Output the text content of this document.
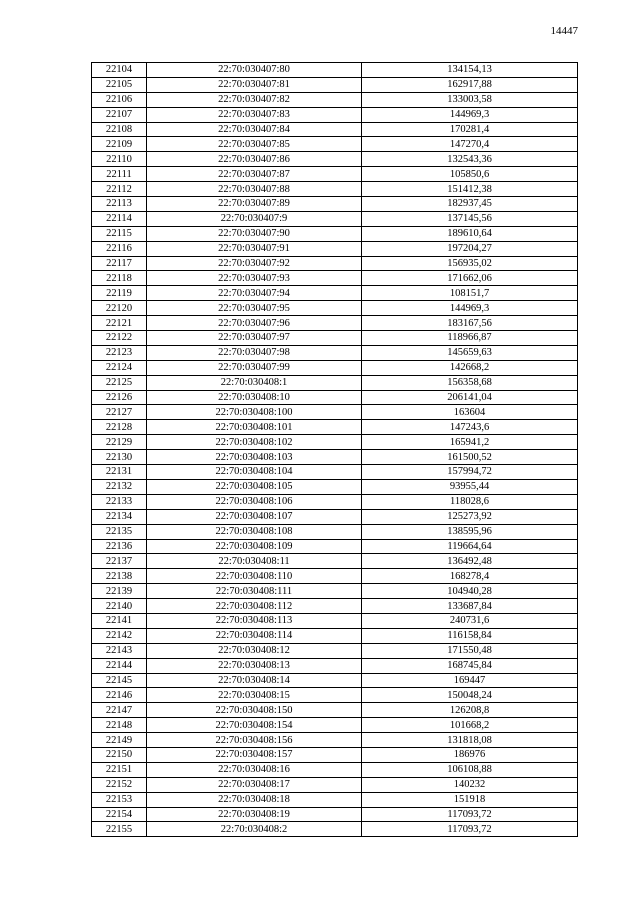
14447
22104	22:70:030407:80	134154,13
22105	22:70:030407:81	162917,88
22106	22:70:030407:82	133003,58
22107	22:70:030407:83	144969,3
22108	22:70:030407:84	170281,4
22109	22:70:030407:85	147270,4
22110	22:70:030407:86	132543,36
22111	22:70:030407:87	105850,6
22112	22:70:030407:88	151412,38
22113	22:70:030407:89	182937,45
22114	22:70:030407:9	137145,56
22115	22:70:030407:90	189610,64
22116	22:70:030407:91	197204,27
22117	22:70:030407:92	156935,02
22118	22:70:030407:93	171662,06
22119	22:70:030407:94	108151,7
22120	22:70:030407:95	144969,3
22121	22:70:030407:96	183167,56
22122	22:70:030407:97	118966,87
22123	22:70:030407:98	145659,63
22124	22:70:030407:99	142668,2
22125	22:70:030408:1	156358,68
22126	22:70:030408:10	206141,04
22127	22:70:030408:100	163604
22128	22:70:030408:101	147243,6
22129	22:70:030408:102	165941,2
22130	22:70:030408:103	161500,52
22131	22:70:030408:104	157994,72
22132	22:70:030408:105	93955,44
22133	22:70:030408:106	118028,6
22134	22:70:030408:107	125273,92
22135	22:70:030408:108	138595,96
22136	22:70:030408:109	119664,64
22137	22:70:030408:11	136492,48
22138	22:70:030408:110	168278,4
22139	22:70:030408:111	104940,28
22140	22:70:030408:112	133687,84
22141	22:70:030408:113	240731,6
22142	22:70:030408:114	116158,84
22143	22:70:030408:12	171550,48
22144	22:70:030408:13	168745,84
22145	22:70:030408:14	169447
22146	22:70:030408:15	150048,24
22147	22:70:030408:150	126208,8
22148	22:70:030408:154	101668,2
22149	22:70:030408:156	131818,08
22150	22:70:030408:157	186976
22151	22:70:030408:16	106108,88
22152	22:70:030408:17	140232
22153	22:70:030408:18	151918
22154	22:70:030408:19	117093,72
22155	22:70:030408:2	117093,72
